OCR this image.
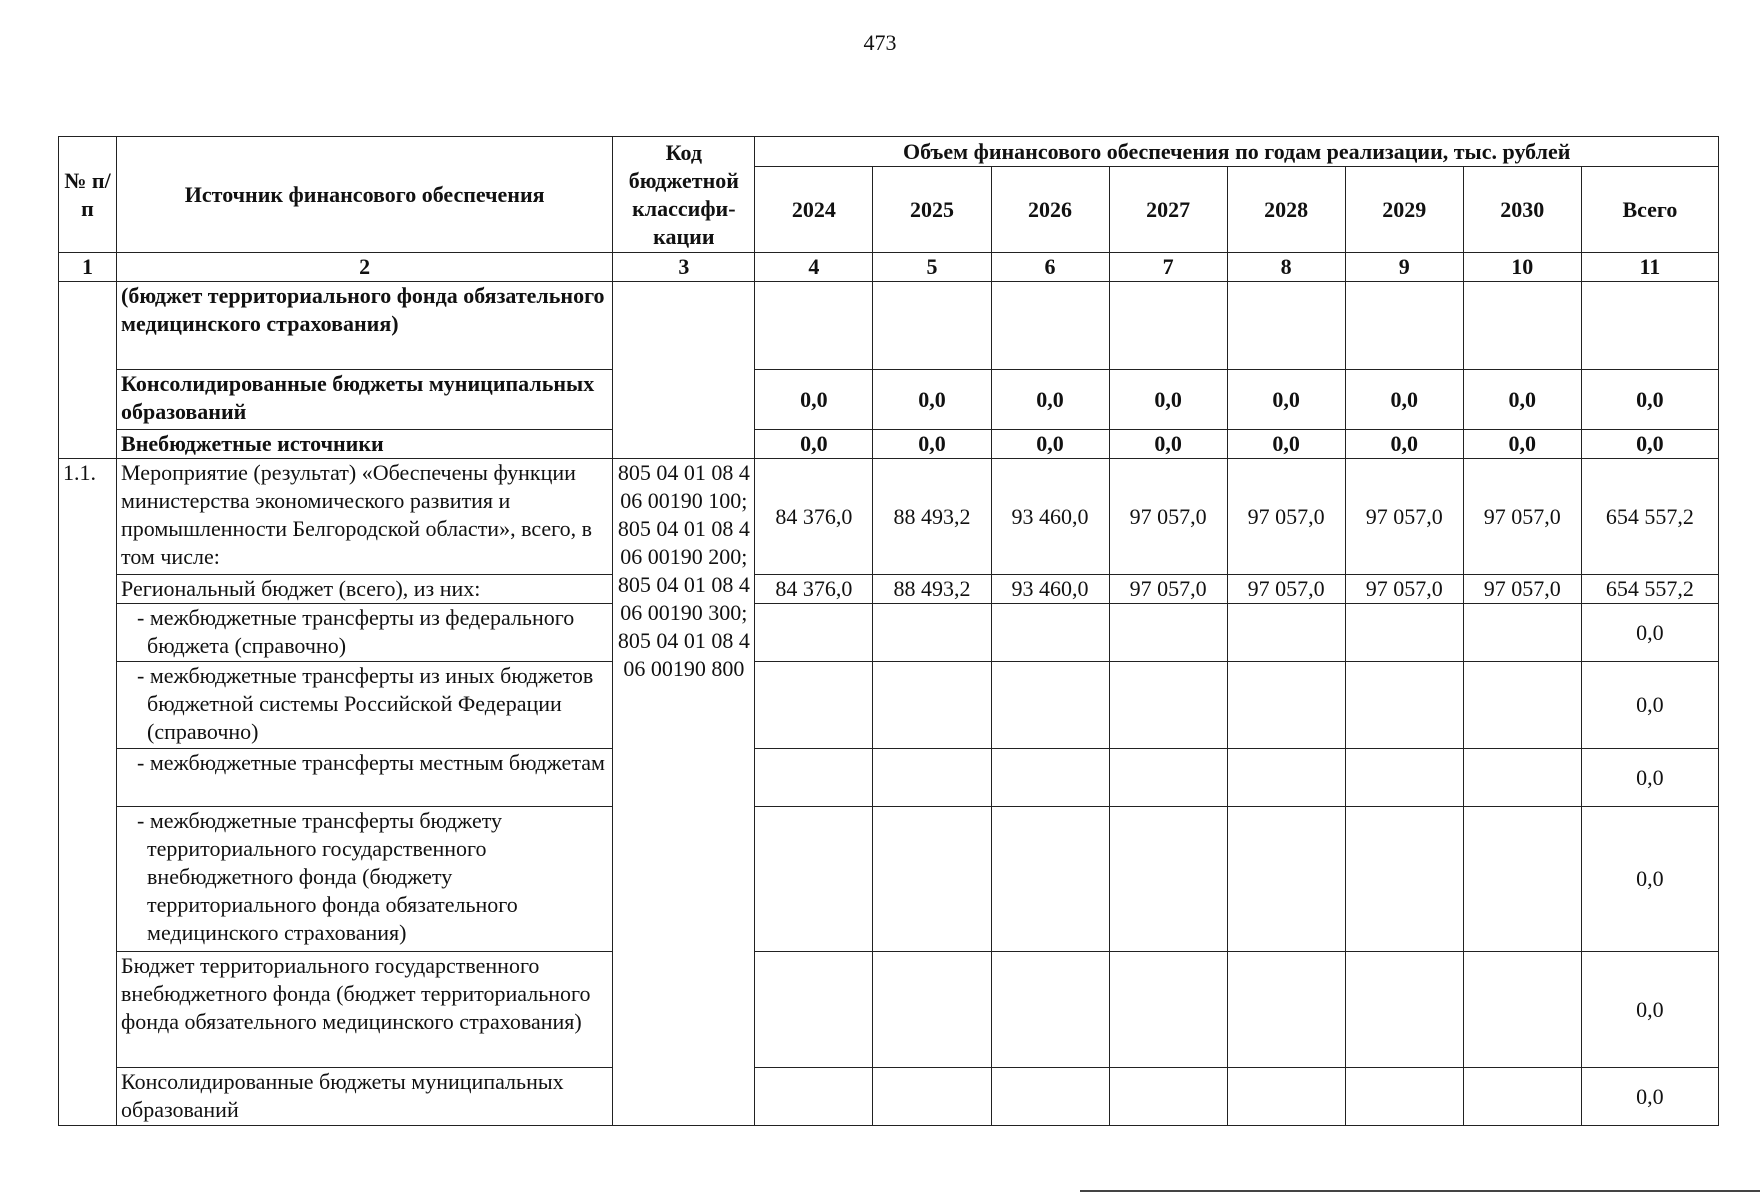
473
№ п/п	Источник финансового обеспечения	Код бюджетной классифи-кации	Объем финансового обеспечения по годам реализации, тыс. рублей							
			2024	2025	2026	2027	2028	2029	2030	Всего
1	2	3	4	5	6	7	8	9	10	11
	(бюджет территориального фонда обязательного медицинского страхования)									
	Консолидированные бюджеты муниципальных образований		0,0	0,0	0,0	0,0	0,0	0,0	0,0	0,0
	Внебюджетные источники		0,0	0,0	0,0	0,0	0,0	0,0	0,0	0,0
1.1.	Мероприятие (результат) «Обеспечены функции министерства экономического развития и промышленности Белгородской области», всего, в том числе:	805 04 01 08 4 06 00190 100; 805 04 01 08 4 06 00190 200; 805 04 01 08 4 06 00190 300; 805 04 01 08 4 06 00190 800	84 376,0	88 493,2	93 460,0	97 057,0	97 057,0	97 057,0	97 057,0	654 557,2
	Региональный бюджет (всего), из них:		84 376,0	88 493,2	93 460,0	97 057,0	97 057,0	97 057,0	97 057,0	654 557,2
	- межбюджетные трансферты из федерального бюджета (справочно)									0,0
	- межбюджетные трансферты из иных бюджетов бюджетной системы Российской Федерации (справочно)									0,0
	- межбюджетные трансферты местным бюджетам									0,0
	- межбюджетные трансферты бюджету территориального государственного внебюджетного фонда (бюджету территориального фонда обязательного медицинского страхования)									0,0
	Бюджет территориального государственного внебюджетного фонда (бюджет территориального фонда обязательного медицинского страхования)									0,0
	Консолидированные бюджеты муниципальных образований									0,0
